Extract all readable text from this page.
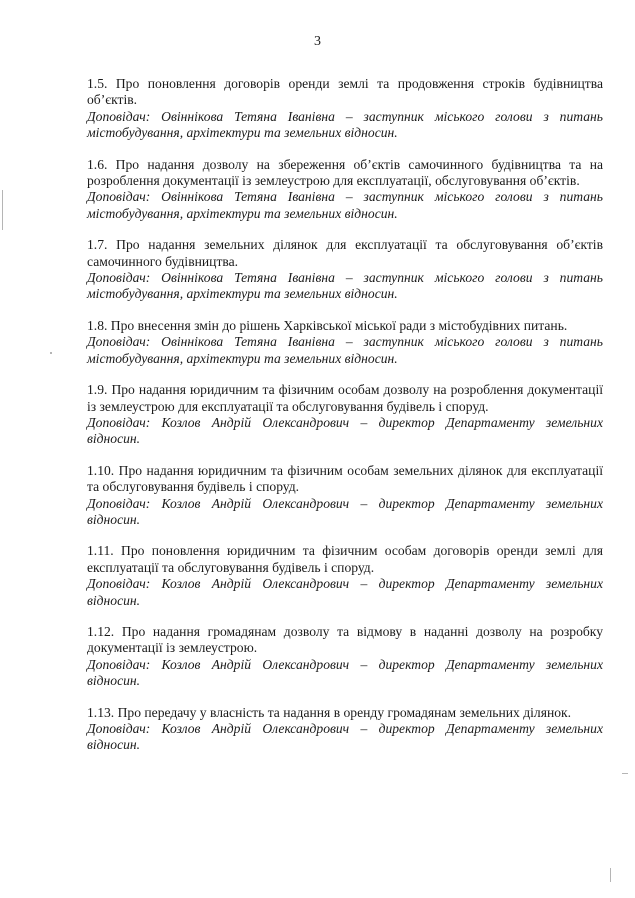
3

1.5. Про поновлення договорів оренди землі та продовження строків будівництва об’єктів.

Доповідач: Овіннікова Тетяна Іванівна – заступник міського голови з питань містобудування, архітектури та земельних відносин.

1.6. Про надання дозволу на збереження об’єктів самочинного будівництва та на розроблення документації із землеустрою для експлуатації, обслуговування об’єктів.

Доповідач: Овіннікова Тетяна Іванівна – заступник міського голови з питань містобудування, архітектури та земельних відносин.

1.7. Про надання земельних ділянок для експлуатації та обслуговування об’єктів самочинного будівництва.

Доповідач: Овіннікова Тетяна Іванівна – заступник міського голови з питань містобудування, архітектури та земельних відносин.

1.8. Про внесення змін до рішень Харківської міської ради з містобудівних питань.

Доповідач: Овіннікова Тетяна Іванівна – заступник міського голови з питань містобудування, архітектури та земельних відносин.

1.9. Про надання юридичним та фізичним особам дозволу на розроблення документації із землеустрою для експлуатації та обслуговування будівель і споруд.

Доповідач: Козлов Андрій Олександрович – директор Департаменту земельних відносин.

1.10. Про надання юридичним та фізичним особам земельних ділянок для експлуатації та обслуговування будівель і споруд.

Доповідач: Козлов Андрій Олександрович – директор Департаменту земельних відносин.

1.11. Про поновлення юридичним та фізичним особам договорів оренди землі для експлуатації та обслуговування будівель і споруд.

Доповідач: Козлов Андрій Олександрович – директор Департаменту земельних відносин.

1.12. Про надання громадянам дозволу та відмову в наданні дозволу на розробку документації із землеустрою.

Доповідач: Козлов Андрій Олександрович – директор Департаменту земельних відносин.

1.13. Про передачу у власність та надання в оренду громадянам земельних ділянок.

Доповідач: Козлов Андрій Олександрович – директор Департаменту земельних відносин.
